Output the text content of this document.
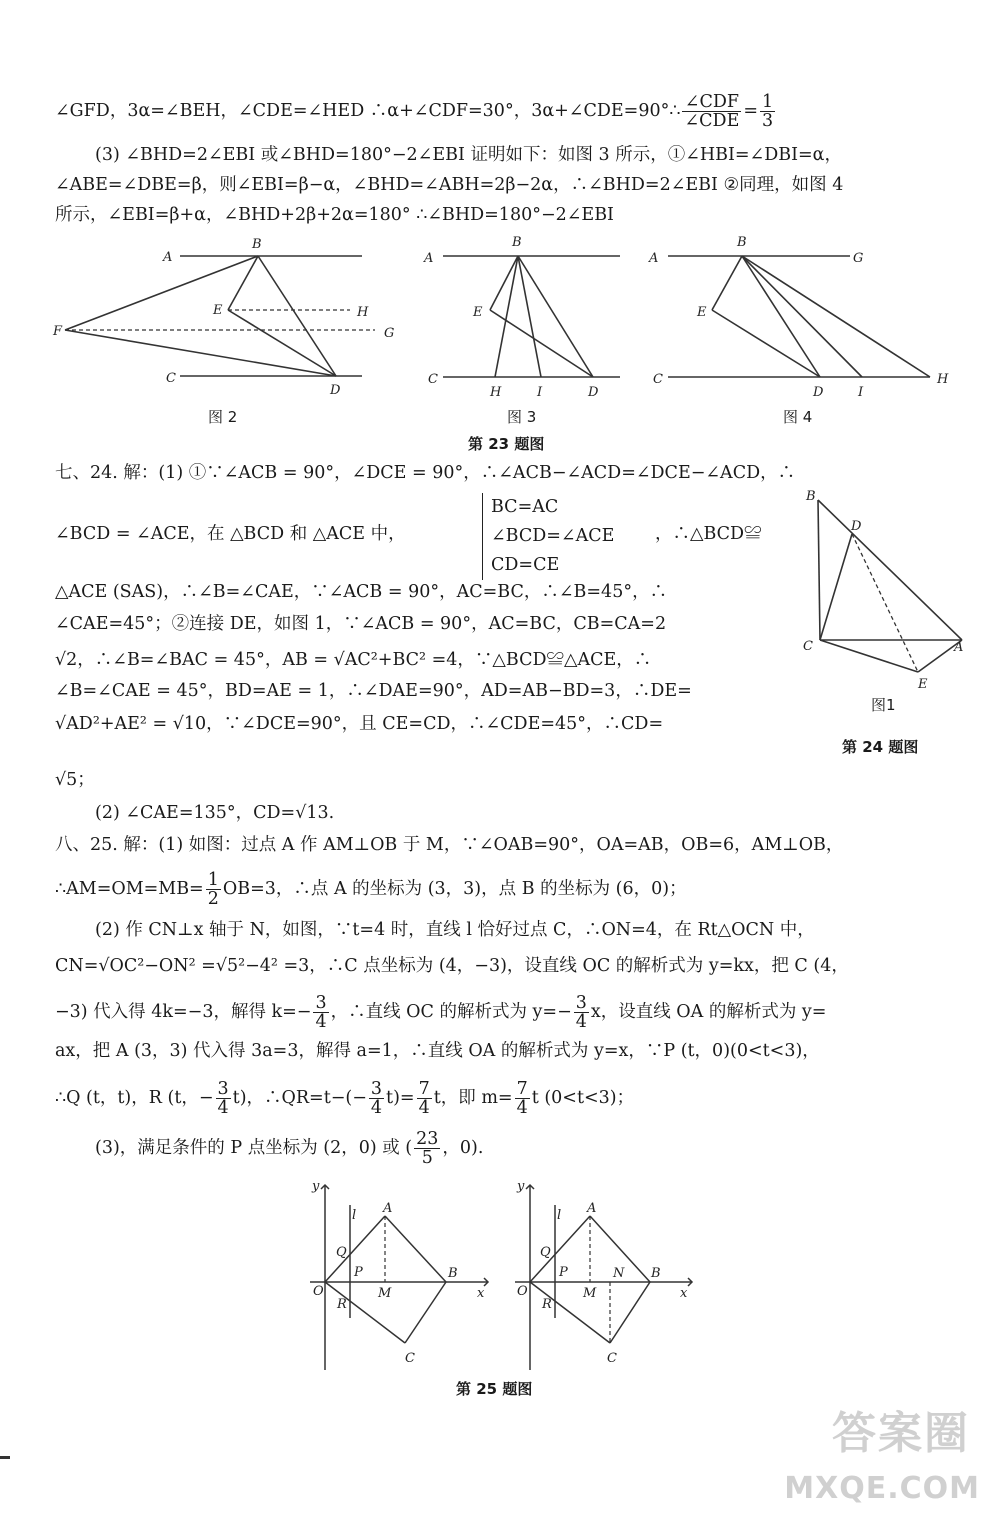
∠GFD，3α=∠BEH，∠CDE=∠HED ∴α+∠CDF=30°，3α+∠CDE=90°∴ $\frac{\text{∠CDF}}{\text{∠CDE}} = \frac{1}{3}$
(3) ∠BHD=2∠EBI 或∠BHD=180°−2∠EBI 证明如下：如图 3 所示，①∠HBI=∠DBI=α，
∠ABE=∠DBE=β，则∠EBI=β−α，∠BHD=∠ABH=2β−2α，∴∠BHD=2∠EBI ②同理，如图 4
所示，∠EBI=β+α，∠BHD+2β+2α=180° ∴∠BHD=180°−2∠EBI
A
B
E	H
G
F
C
D
A
B
E
C
H	I	D
A
B
G
E
C
D	I
H
图 2	图 3	图 4
第 23 题图
七、24. 解：(1) ①∵∠ACB = 90°，∠DCE = 90°，∴∠ACB−∠ACD=∠DCE−∠ACD，∴
∠BCD = ∠ACE，在 △BCD 和 △ACE 中，
BC=AC
∠BCD=∠ACE
CD=CE
，∴△BCD≌
△ACE (SAS)，∴∠B=∠CAE，∵∠ACB = 90°，AC=BC，∴∠B=45°，∴
∠CAE=45°；②连接 DE，如图 1，∵∠ACB = 90°，AC=BC，CB=CA=2
√2，∴∠B=∠BAC = 45°，AB = √AC²+BC² =4，∵△BCD≌△ACE，∴
∠B=∠CAE = 45°，BD=AE = 1，∴∠DAE=90°，AD=AB−BD=3，∴DE=
√AD²+AE² = √10，∵∠DCE=90°，且 CE=CD，∴∠CDE=45°，∴CD=
√5；
(2) ∠CAE=135°，CD=√13.
B
D
C	A
E
图1
第 24 题图
八、25. 解：(1) 如图：过点 A 作 AM⊥OB 于 M，∵∠OAB=90°，OA=AB，OB=6，AM⊥OB，
∴AM=OM=MB= $\frac{1}{2} OB=3$，∴点 A 的坐标为 (3，3)，点 B 的坐标为 (6，0)；
(2) 作 CN⊥x 轴于 N，如图，∵t=4 时，直线 l 恰好过点 C，∴ON=4，在 Rt△OCN 中，
CN=√OC²−ON² =√5²−4² =3，∴C 点坐标为 (4，−3)，设直线 OC 的解析式为 y=kx，把 C (4，
−3) 代入得 4k=−3，解得 $k=- \frac{3}{4}$ ，∴直线 OC 的解析式为 $y=- \frac{3}{4}$ x，设直线 OA 的解析式为 y=
ax，把 A (3，3) 代入得 3a=3，解得 a=1，∴直线 OA 的解析式为 y=x，∵P (t，0)(0<t<3)，
∴Q (t，t)，R (t，− $\frac{3}{4} t$)，∴QR=t−(− $\frac{3}{4} t)= \frac{7}{4}$ t，即 $m= \frac{7}{4}$ t (0<t<3)；
(3)，满足条件的 P 点坐标为 (2，0) 或 ( $\frac{23}{5}$ ，0).
y
l A
Q
P
O	M
B
R
C
x
y
l A
Q
P
O	M
N B
R
C
x
第 25 题图
答案圈
MXQE.COM
